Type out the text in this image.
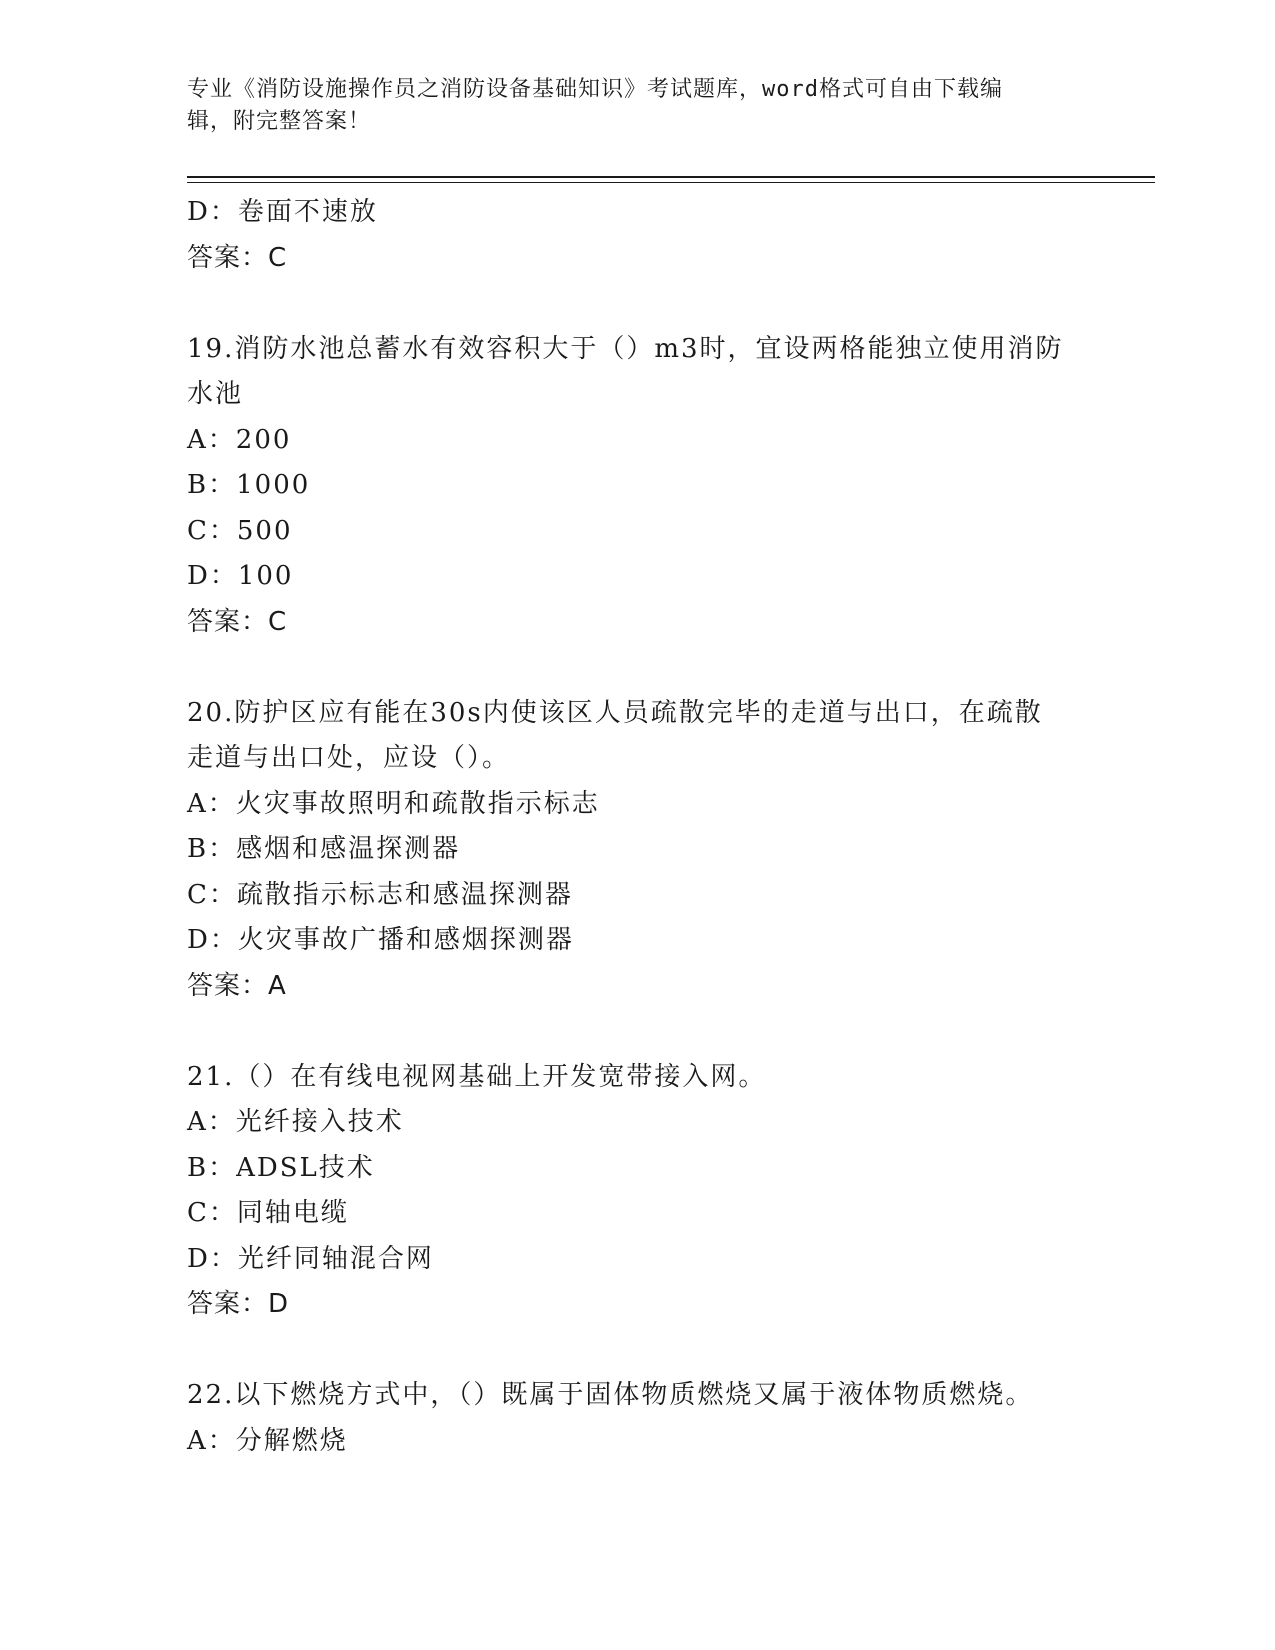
专业《消防设施操作员之消防设备基础知识》考试题库，word格式可自由下载编
辑，附完整答案！
D：卷面不速放
答案：C
19.消防水池总蓄水有效容积大于（）m3时，宜设两格能独立使用消防
水池
A：200
B：1000
C：500
D：100
答案：C
20.防护区应有能在30s内使该区人员疏散完毕的走道与出口，在疏散
走道与出口处，应设（）。
A：火灾事故照明和疏散指示标志
B：感烟和感温探测器
C：疏散指示标志和感温探测器
D：火灾事故广播和感烟探测器
答案：A
21.（）在有线电视网基础上开发宽带接入网。
A：光纤接入技术
B：ADSL技术
C：同轴电缆
D：光纤同轴混合网
答案：D
22.以下燃烧方式中，（）既属于固体物质燃烧又属于液体物质燃烧。
A：分解燃烧
